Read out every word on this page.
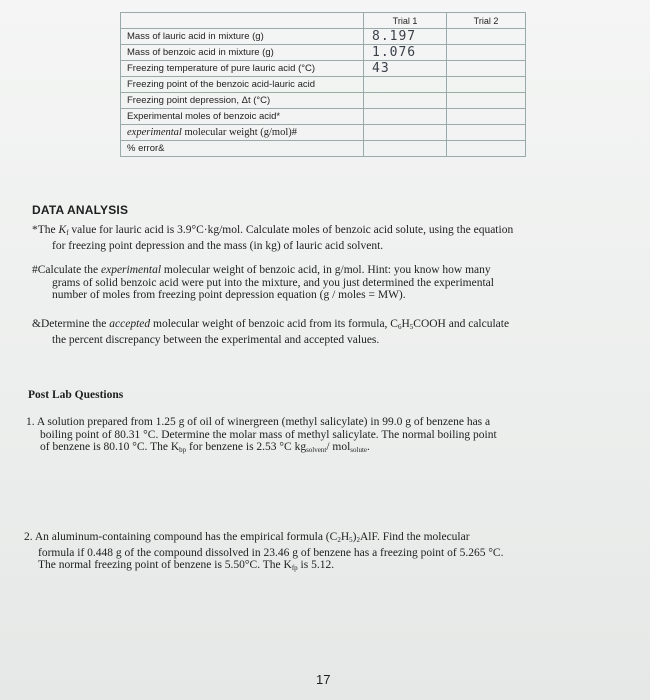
	Trial 1	Trial 2
Mass of lauric acid in mixture (g)	8.197	
Mass of benzoic acid in mixture (g)	1.076	
Freezing temperature of pure lauric acid (°C)	43	
Freezing point of the benzoic acid-lauric acid		
Freezing point depression, Δt (°C)		
Experimental moles of benzoic acid*		
experimental molecular weight (g/mol)#		
% error&		
DATA ANALYSIS
*The $K_f$ value for lauric acid is 3.9°C·kg/mol. Calculate moles of benzoic acid solute, using the equation
for freezing point depression and the mass (in kg) of lauric acid solvent.
#Calculate the experimental molecular weight of benzoic acid, in g/mol. Hint: you know how many
grams of solid benzoic acid were put into the mixture, and you just determined the experimental
number of moles from freezing point depression equation (g / moles = MW).
&Determine the accepted molecular weight of benzoic acid from its formula, $C_6H_5COOH$ and calculate
the percent discrepancy between the experimental and accepted values.
Post Lab Questions
1. A solution prepared from 1.25 g of oil of winergreen (methyl salicylate) in 99.0 g of benzene has a
boiling point of 80.31 °C. Determine the molar mass of methyl salicylate. The normal boiling point
of benzene is 80.10 °C. The $K_{bp}$ for benzene is 2.53 °C $kg_{solvent}/$ mol$_{solute}$.
2. An aluminum-containing compound has the empirical formula $(C_2H_5)_2AlF$. Find the molecular
formula if 0.448 g of the compound dissolved in 23.46 g of benzene has a freezing point of 5.265 °C.
The normal freezing point of benzene is 5.50°C. The $K_{fp}$ is 5.12.
17
